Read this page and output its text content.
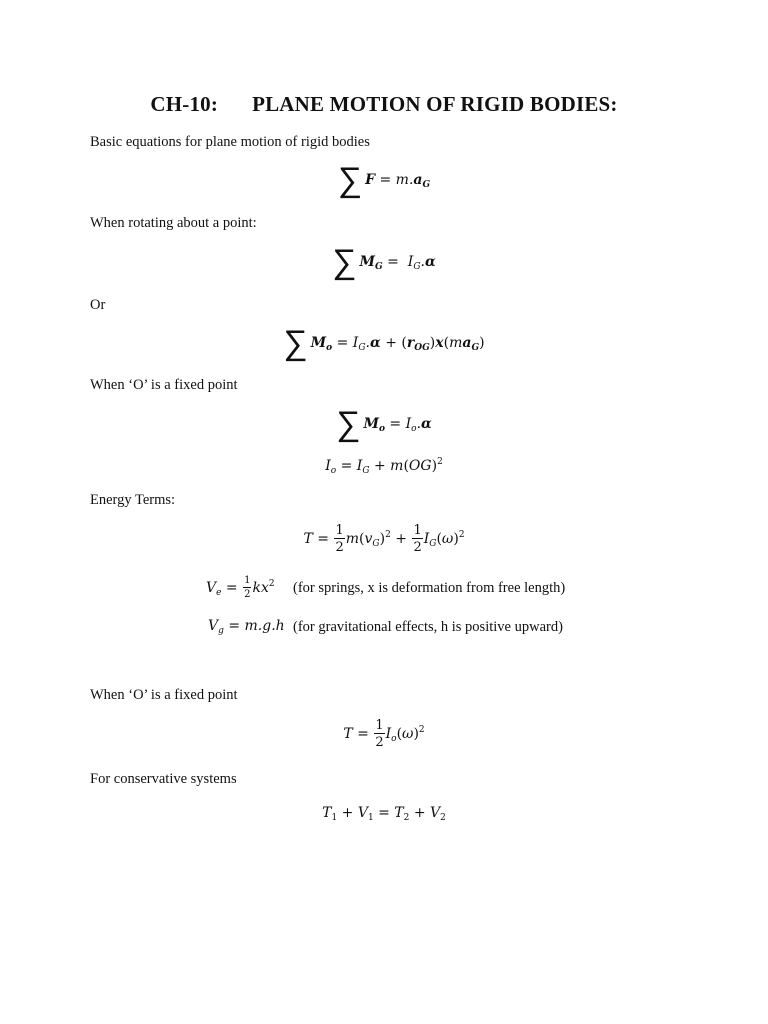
CH-10: PLANE MOTION OF RIGID BODIES:
Basic equations for plane motion of rigid bodies
∑ $F = m.a_G$
When rotating about a point:
∑ $M_G = I_G.\alpha$
Or
∑ $M_o = I_G.\alpha + (r_{OG})x(ma_G)$
When ‘O’ is a fixed point
∑ $M_o = I_o.\alpha$
$I_o = I_G + m(OG)^2$
Energy Terms:
$T = \frac{1}{2} m(v_G)^2 + \frac{1}{2} I_G(\omega)^2$
$V_e = \frac{1}{2} kx^2$ (for springs, x is deformation from free length)
$V_g = m.g.h$ (for gravitational effects, h is positive upward)
When ‘O’ is a fixed point
$T = \frac{1}{2} I_o(\omega)^2$
For conservative systems
$T_1 + V_1 = T_2 + V_2$
